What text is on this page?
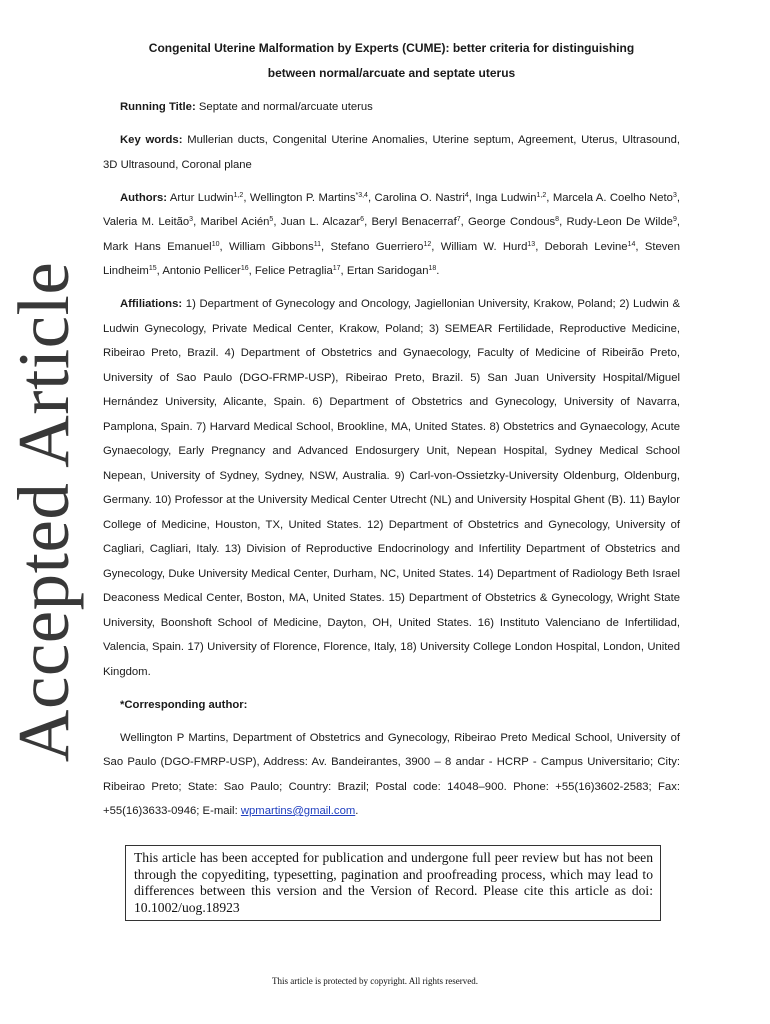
Accepted Article
Congenital Uterine Malformation by Experts (CUME): better criteria for distinguishing between normal/arcuate and septate uterus

Running Title: Septate and normal/arcuate uterus

Key words: Mullerian ducts, Congenital Uterine Anomalies, Uterine septum, Agreement, Uterus, Ultrasound, 3D Ultrasound, Coronal plane

Authors: Artur Ludwin$^{1,2}$, Wellington P. Martins$^{*3,4}$, Carolina O. Nastri$^4$, Inga Ludwin$^{1,2}$, Marcela A. Coelho Neto$^3$, Valeria M. Leitão$^3$, Maribel Acién$^5$, Juan L. Alcazar$^6$, Beryl Benacerraf$^7$, George Condous$^8$, Rudy-Leon De Wilde$^9$, Mark Hans Emanuel$^{10}$, William Gibbons$^{11}$, Stefano Guerriero$^{12}$, William W. Hurd$^{13}$, Deborah Levine$^{14}$, Steven Lindheim$^{15}$, Antonio Pellicer$^{16}$, Felice Petraglia$^{17}$, Ertan Saridogan$^{18}$.

Affiliations: 1) Department of Gynecology and Oncology, Jagiellonian University, Krakow, Poland; 2) Ludwin & Ludwin Gynecology, Private Medical Center, Krakow, Poland; 3) SEMEAR Fertilidade, Reproductive Medicine, Ribeirao Preto, Brazil. 4) Department of Obstetrics and Gynaecology, Faculty of Medicine of Ribeirão Preto, University of Sao Paulo (DGO-FRMP-USP), Ribeirao Preto, Brazil. 5) San Juan University Hospital/Miguel Hernández University, Alicante, Spain. 6) Department of Obstetrics and Gynecology, University of Navarra, Pamplona, Spain. 7) Harvard Medical School, Brookline, MA, United States. 8) Obstetrics and Gynaecology, Acute Gynaecology, Early Pregnancy and Advanced Endosurgery Unit, Nepean Hospital, Sydney Medical School Nepean, University of Sydney, Sydney, NSW, Australia. 9) Carl-von-Ossietzky-University Oldenburg, Oldenburg, Germany. 10) Professor at the University Medical Center Utrecht (NL) and University Hospital Ghent (B). 11) Baylor College of Medicine, Houston, TX, United States. 12) Department of Obstetrics and Gynecology, University of Cagliari, Cagliari, Italy. 13) Division of Reproductive Endocrinology and Infertility Department of Obstetrics and Gynecology, Duke University Medical Center, Durham, NC, United States. 14) Department of Radiology Beth Israel Deaconess Medical Center, Boston, MA, United States. 15) Department of Obstetrics & Gynecology, Wright State University, Boonshoft School of Medicine, Dayton, OH, United States. 16) Instituto Valenciano de Infertilidad, Valencia, Spain. 17) University of Florence, Florence, Italy, 18) University College London Hospital, London, United Kingdom.

*Corresponding author:

Wellington P Martins, Department of Obstetrics and Gynecology, Ribeirao Preto Medical School, University of Sao Paulo (DGO-FMRP-USP), Address: Av. Bandeirantes, 3900 – 8 andar - HCRP - Campus Universitario; City: Ribeirao Preto; State: Sao Paulo; Country: Brazil; Postal code: 14048–900. Phone: +55(16)3602-2583; Fax: +55(16)3633-0946; E-mail: wpmartins@gmail.com.

This article has been accepted for publication and undergone full peer review but has not been through the copyediting, typesetting, pagination and proofreading process, which may lead to differences between this version and the Version of Record. Please cite this article as doi: 10.1002/uog.18923
This article is protected by copyright. All rights reserved.
